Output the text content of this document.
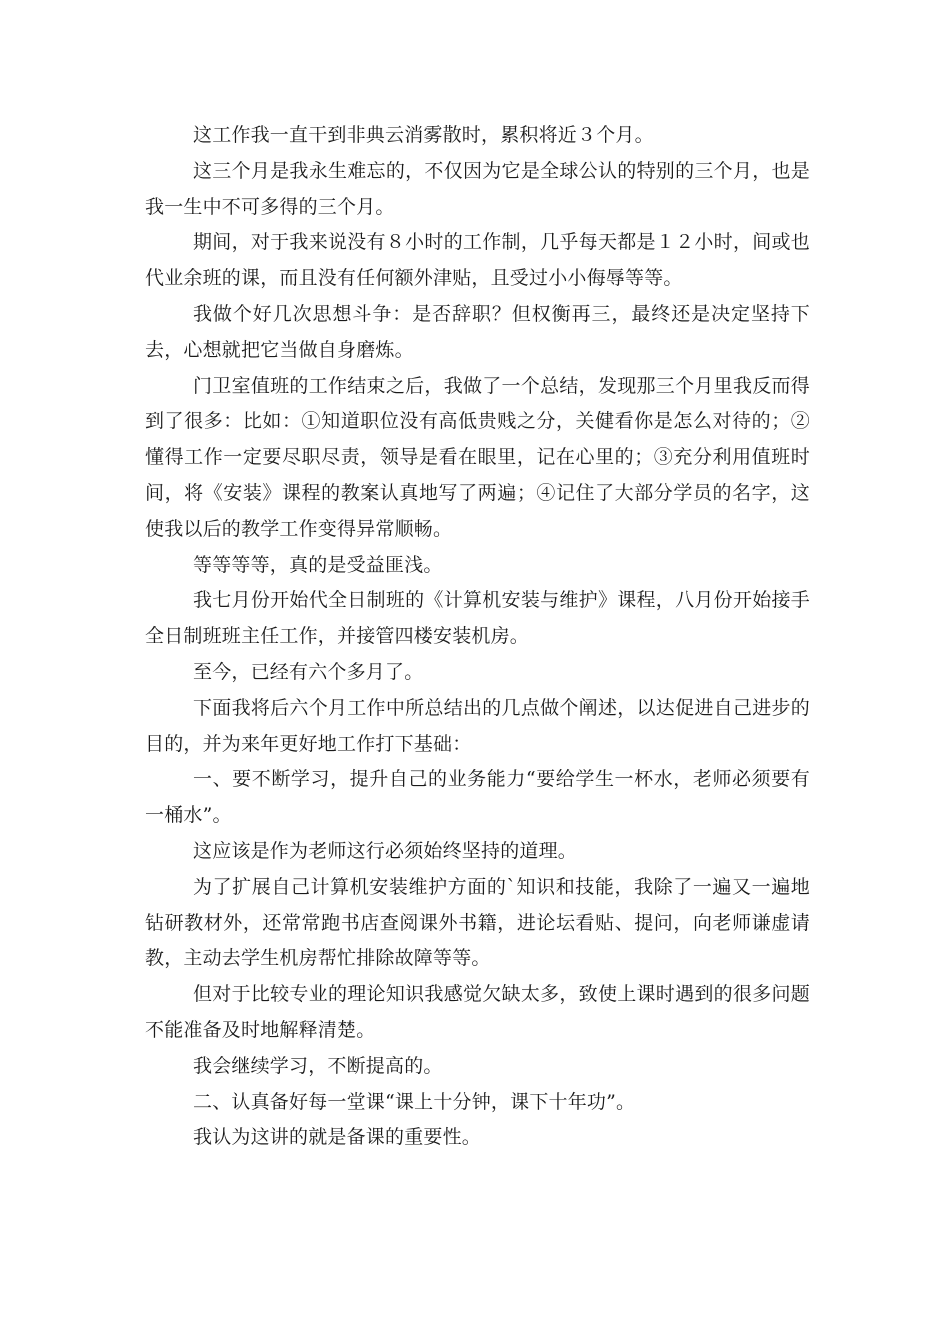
这工作我一直干到非典云消雾散时，累积将近３个月。

这三个月是我永生难忘的，不仅因为它是全球公认的特别的三个月，也是我一生中不可多得的三个月。

期间，对于我来说没有８小时的工作制，几乎每天都是１２小时，间或也代业余班的课，而且没有任何额外津贴，且受过小小侮辱等等。

我做个好几次思想斗争：是否辞职？但权衡再三，最终还是决定坚持下去，心想就把它当做自身磨炼。

门卫室值班的工作结束之后，我做了一个总结，发现那三个月里我反而得到了很多：比如：①知道职位没有高低贵贱之分，关健看你是怎么对待的；②懂得工作一定要尽职尽责，领导是看在眼里，记在心里的；③充分利用值班时间，将《安装》课程的教案认真地写了两遍；④记住了大部分学员的名字，这使我以后的教学工作变得异常顺畅。

等等等等，真的是受益匪浅。

我七月份开始代全日制班的《计算机安装与维护》课程，八月份开始接手全日制班班主任工作，并接管四楼安装机房。

至今，已经有六个多月了。

下面我将后六个月工作中所总结出的几点做个阐述，以达促进自己进步的目的，并为来年更好地工作打下基础：

一、要不断学习，提升自己的业务能力“要给学生一杯水，老师必须要有一桶水”。

这应该是作为老师这行必须始终坚持的道理。

为了扩展自己计算机安装维护方面的`知识和技能，我除了一遍又一遍地钻研教材外，还常常跑书店查阅课外书籍，进论坛看贴、提问，向老师谦虚请教，主动去学生机房帮忙排除故障等等。

但对于比较专业的理论知识我感觉欠缺太多，致使上课时遇到的很多问题不能准备及时地解释清楚。

我会继续学习，不断提高的。

二、认真备好每一堂课“课上十分钟，课下十年功”。

我认为这讲的就是备课的重要性。
